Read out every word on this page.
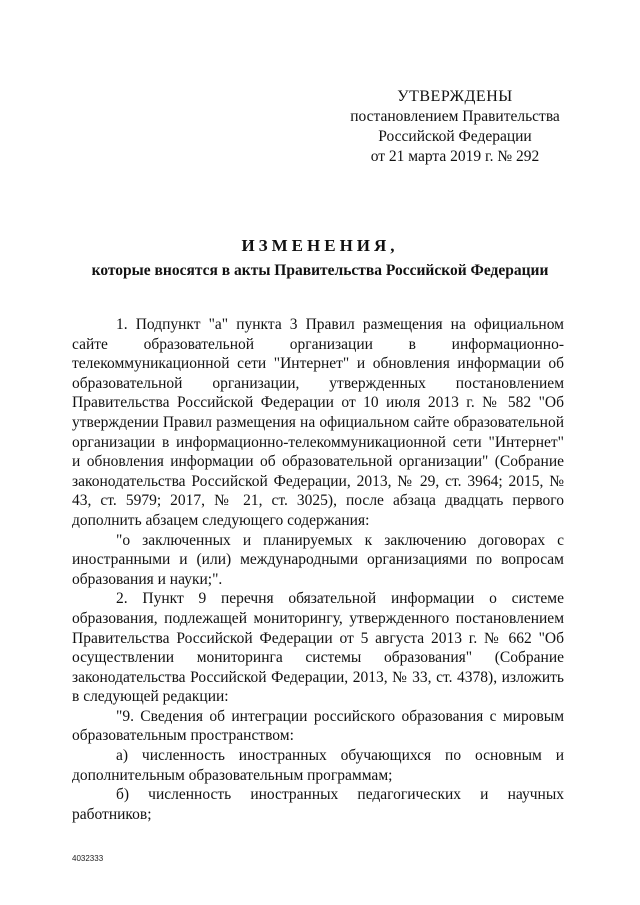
УТВЕРЖДЕНЫ
постановлением Правительства
Российской Федерации
от 21 марта 2019 г. № 292
ИЗМЕНЕНИЯ,
которые вносятся в акты Правительства Российской Федерации

1. Подпункт "а" пункта 3 Правил размещения на официальном сайте образовательной организации в информационно-телекоммуникационной сети "Интернет" и обновления информации об образовательной организации, утвержденных постановлением Правительства Российской Федерации от 10 июля 2013 г. № 582 "Об утверждении Правил размещения на официальном сайте образовательной организации в информационно-телекоммуникационной сети "Интернет" и обновления информации об образовательной организации" (Собрание законодательства Российской Федерации, 2013, № 29, ст. 3964; 2015, № 43, ст. 5979; 2017, № 21, ст. 3025), после абзаца двадцать первого дополнить абзацем следующего содержания:

"о заключенных и планируемых к заключению договорах с иностранными и (или) международными организациями по вопросам образования и науки;".

2. Пункт 9 перечня обязательной информации о системе образования, подлежащей мониторингу, утвержденного постановлением Правительства Российской Федерации от 5 августа 2013 г. № 662 "Об осуществлении мониторинга системы образования" (Собрание законодательства Российской Федерации, 2013, № 33, ст. 4378), изложить в следующей редакции:

"9. Сведения об интеграции российского образования с мировым образовательным пространством:

а) численность иностранных обучающихся по основным и дополнительным образовательным программам;

б) численность иностранных педагогических и научных работников;

4032333
